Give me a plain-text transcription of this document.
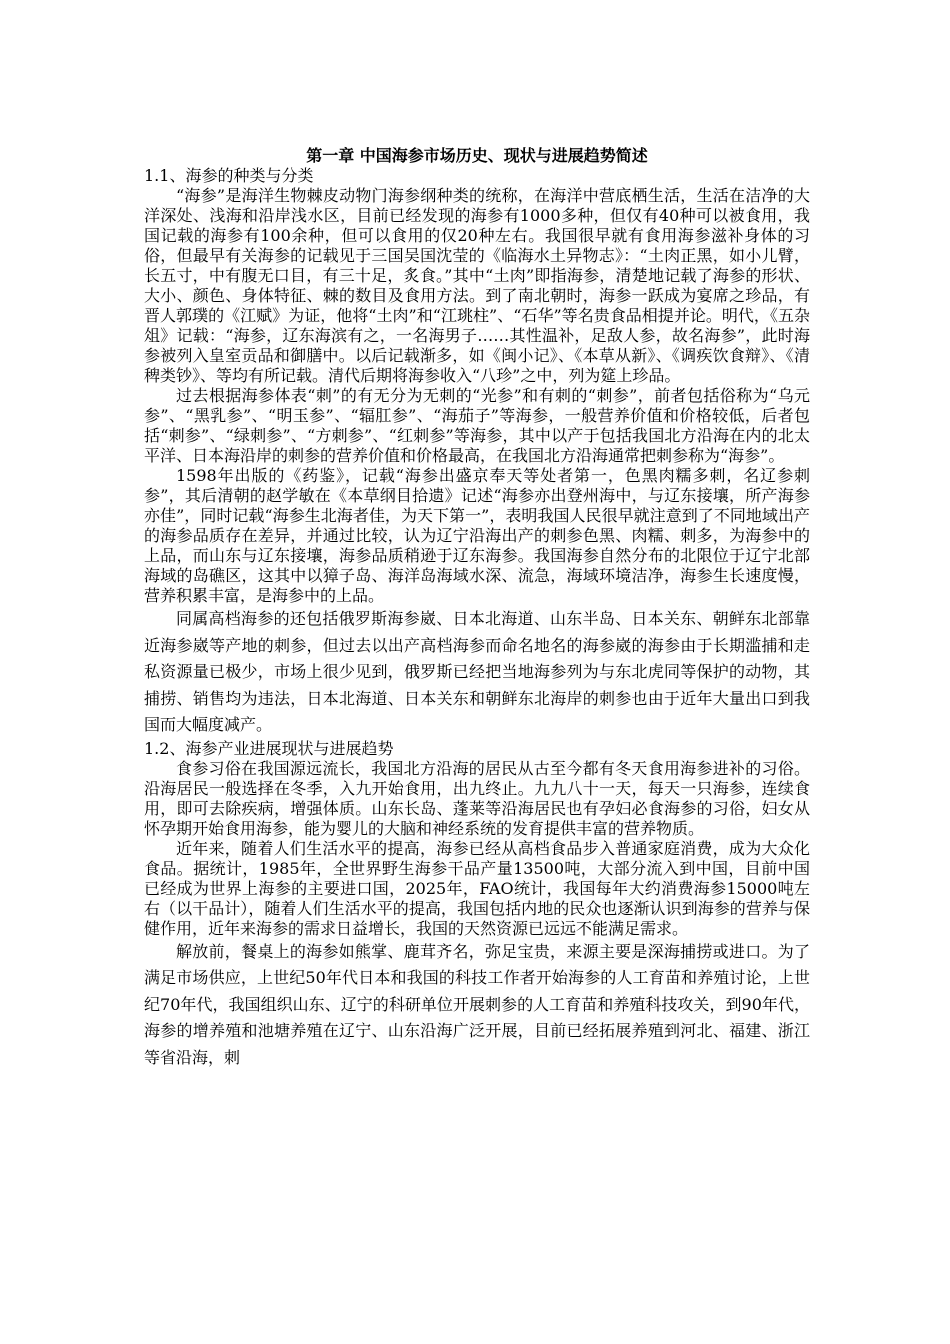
第一章 中国海参市场历史、现状与进展趋势简述

1.1、海参的种类与分类

“海参”是海洋生物棘皮动物门海参纲种类的统称，在海洋中营底栖生活，生活在洁净的大洋深处、浅海和沿岸浅水区，目前已经发现的海参有1000多种，但仅有40种可以被食用，我国记载的海参有100余种，但可以食用的仅20种左右。我国很早就有食用海参滋补身体的习俗，但最早有关海参的记载见于三国吴国沈莹的《临海水土异物志》：“土肉正黑，如小儿臂，长五寸，中有腹无口目，有三十足，炙食。”其中“土肉”即指海参，清楚地记载了海参的形状、大小、颜色、身体特征、棘的数目及食用方法。到了南北朝时，海参一跃成为宴席之珍品，有晋人郭璞的《江赋》为证，他将“土肉”和“江珧柱”、“石华”等名贵食品相提并论。明代，《五杂俎》记载：“海参，辽东海滨有之，一名海男子……其性温补，足敌人参，故名海参”，此时海参被列入皇室贡品和御膳中。以后记载渐多，如《闽小记》、《本草从新》、《调疾饮食辩》、《清稗类钞》、等均有所记载。清代后期将海参收入“八珍”之中，列为筵上珍品。

过去根据海参体表“刺”的有无分为无刺的“光参”和有刺的“刺参”，前者包括俗称为“乌元参”、“黑乳参”、“明玉参”、“辐肛参”、“海茄子”等海参，一般营养价值和价格较低，后者包括“刺参”、“绿刺参”、“方刺参”、“红刺参”等海参，其中以产于包括我国北方沿海在内的北太平洋、日本海沿岸的刺参的营养价值和价格最高，在我国北方沿海通常把刺参称为“海参”。

1598年出版的《药鉴》，记载“海参出盛京奉天等处者第一，色黑肉糯多刺，名辽参刺参”，其后清朝的赵学敏在《本草纲目拾遗》记述“海参亦出登州海中，与辽东接壤，所产海参亦佳”，同时记载“海参生北海者佳，为天下第一”，表明我国人民很早就注意到了不同地域出产的海参品质存在差异，并通过比较，认为辽宁沿海出产的刺参色黑、肉糯、刺多，为海参中的上品，而山东与辽东接壤，海参品质稍逊于辽东海参。我国海参自然分布的北限位于辽宁北部海域的岛礁区，这其中以獐子岛、海洋岛海域水深、流急，海域环境洁净，海参生长速度慢，营养积累丰富，是海参中的上品。

同属高档海参的还包括俄罗斯海参崴、日本北海道、山东半岛、日本关东、朝鲜东北部靠近海参崴等产地的刺参，但过去以出产高档海参而命名地名的海参崴的海参由于长期滥捕和走私资源量已极少，市场上很少见到，俄罗斯已经把当地海参列为与东北虎同等保护的动物，其捕捞、销售均为违法，日本北海道、日本关东和朝鲜东北海岸的刺参也由于近年大量出口到我国而大幅度减产。

1.2、海参产业进展现状与进展趋势

食参习俗在我国源远流长，我国北方沿海的居民从古至今都有冬天食用海参进补的习俗。沿海居民一般选择在冬季，入九开始食用，出九终止。九九八十一天，每天一只海参，连续食用，即可去除疾病，增强体质。山东长岛、蓬莱等沿海居民也有孕妇必食海参的习俗，妇女从怀孕期开始食用海参，能为婴儿的大脑和神经系统的发育提供丰富的营养物质。

近年来，随着人们生活水平的提高，海参已经从高档食品步入普通家庭消费，成为大众化食品。据统计，1985年，全世界野生海参干品产量13500吨，大部分流入到中国，目前中国已经成为世界上海参的主要进口国，2025年，FAO统计，我国每年大约消费海参15000吨左右（以干品计），随着人们生活水平的提高，我国包括内地的民众也逐渐认识到海参的营养与保健作用，近年来海参的需求日益增长，我国的天然资源已远远不能满足需求。

解放前，餐桌上的海参如熊掌、鹿茸齐名，弥足宝贵，来源主要是深海捕捞或进口。为了满足市场供应，上世纪50年代日本和我国的科技工作者开始海参的人工育苗和养殖讨论，上世纪70年代，我国组织山东、辽宁的科研单位开展刺参的人工育苗和养殖科技攻关，到90年代，海参的增养殖和池塘养殖在辽宁、山东沿海广泛开展，目前已经拓展养殖到河北、福建、浙江等省沿海，刺
